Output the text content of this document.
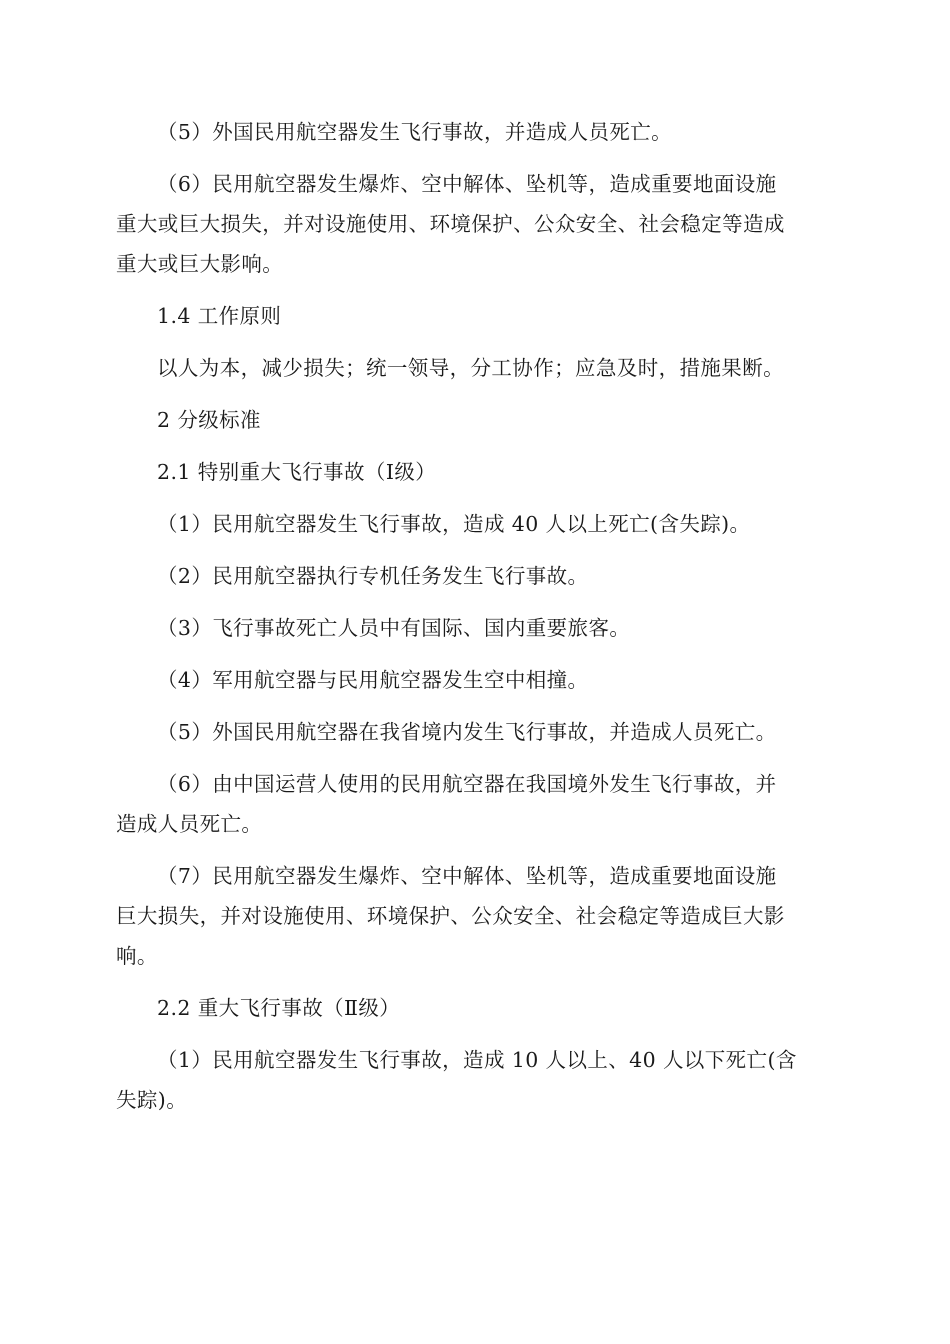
（5）外国民用航空器发生飞行事故，并造成人员死亡。
（6）民用航空器发生爆炸、空中解体、坠机等，造成重要地面设施
重大或巨大损失，并对设施使用、环境保护、公众安全、社会稳定等造成
重大或巨大影响。
1.4 工作原则
以人为本，减少损失；统一领导，分工协作；应急及时，措施果断。
2 分级标准
2.1 特别重大飞行事故（Ⅰ级）
（1）民用航空器发生飞行事故，造成 40 人以上死亡(含失踪)。
（2）民用航空器执行专机任务发生飞行事故。
（3）飞行事故死亡人员中有国际、国内重要旅客。
（4）军用航空器与民用航空器发生空中相撞。
（5）外国民用航空器在我省境内发生飞行事故，并造成人员死亡。
（6）由中国运营人使用的民用航空器在我国境外发生飞行事故，并
造成人员死亡。
（7）民用航空器发生爆炸、空中解体、坠机等，造成重要地面设施
巨大损失，并对设施使用、环境保护、公众安全、社会稳定等造成巨大影
响。
2.2 重大飞行事故（Ⅱ级）
（1）民用航空器发生飞行事故，造成 10 人以上、40 人以下死亡(含
失踪)。
